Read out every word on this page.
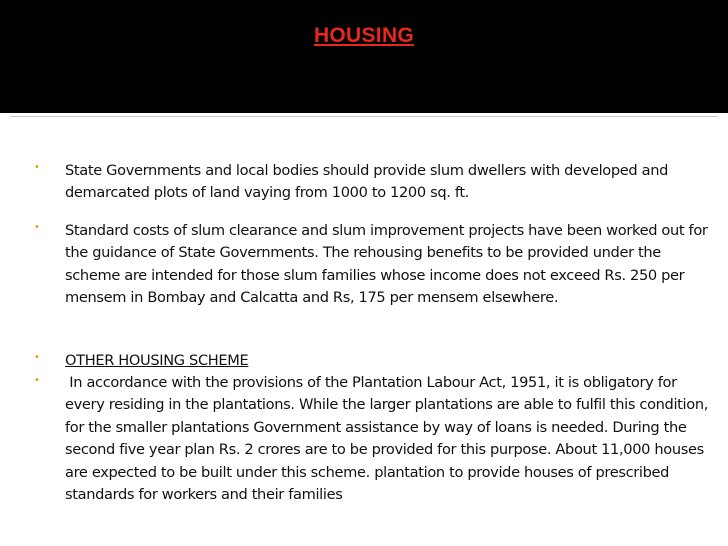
HOUSING
• State Governments and local bodies should provide slum dwellers with developed and demarcated plots of land vaying from 1000 to 1200 sq. ft.
• Standard costs of slum clearance and slum improvement projects have been worked out for the guidance of State Governments. The rehousing benefits to be provided under the scheme are intended for those slum families whose income does not exceed Rs. 250 per mensem in Bombay and Calcatta and Rs, 175 per mensem elsewhere.
• OTHER HOUSING SCHEME
• In accordance with the provisions of the Plantation Labour Act, 1951, it is obligatory for every residing in the plantations. While the larger plantations are able to fulfil this condition, for the smaller plantations Government assistance by way of loans is needed. During the second five year plan Rs. 2 crores are to be provided for this purpose. About 11,000 houses are expected to be built under this scheme. plantation to provide houses of prescribed standards for workers and their families
